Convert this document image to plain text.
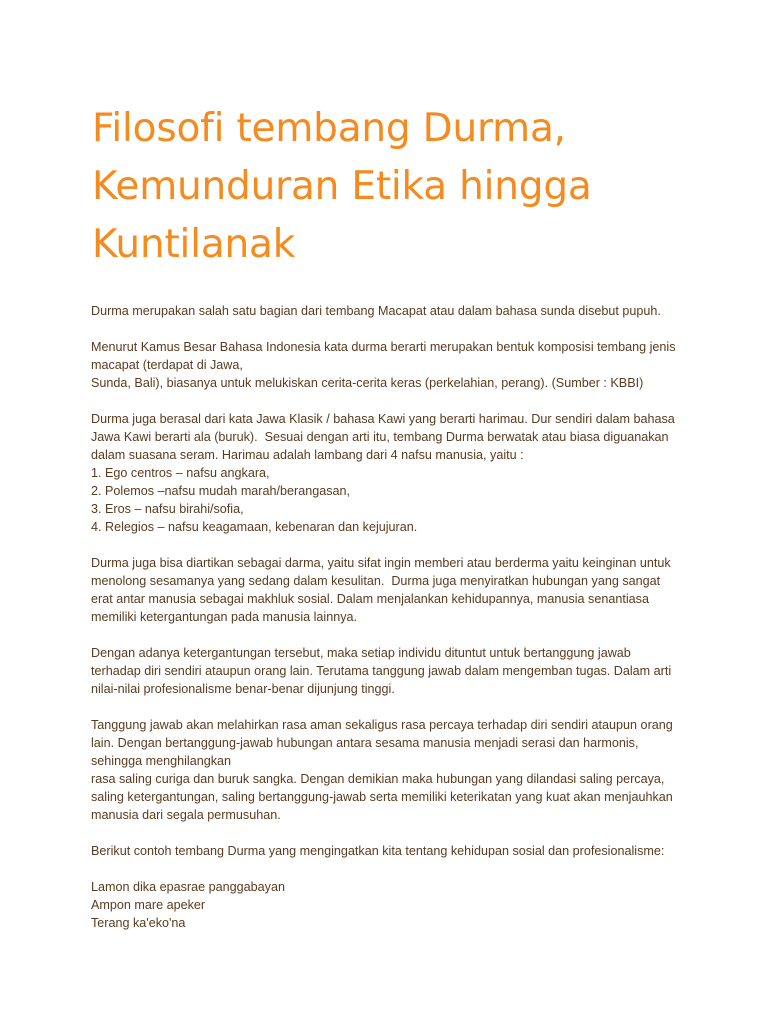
Filosofi tembang Durma,
Kemunduran Etika hingga
Kuntilanak
Durma merupakan salah satu bagian dari tembang Macapat atau dalam bahasa sunda disebut pupuh.
Menurut Kamus Besar Bahasa Indonesia kata durma berarti merupakan bentuk komposisi tembang jenis
macapat (terdapat di Jawa,
Sunda, Bali), biasanya untuk melukiskan cerita-cerita keras (perkelahian, perang). (Sumber : KBBI)
Durma juga berasal dari kata Jawa Klasik / bahasa Kawi yang berarti harimau. Dur sendiri dalam bahasa
Jawa Kawi berarti ala (buruk).  Sesuai dengan arti itu, tembang Durma berwatak atau biasa diguanakan
dalam suasana seram. Harimau adalah lambang dari 4 nafsu manusia, yaitu :
1. Ego centros – nafsu angkara,
2. Polemos –nafsu mudah marah/berangasan,
3. Eros – nafsu birahi/sofia,
4. Relegios – nafsu keagamaan, kebenaran dan kejujuran.
Durma juga bisa diartikan sebagai darma, yaitu sifat ingin memberi atau berderma yaitu keinginan untuk
menolong sesamanya yang sedang dalam kesulitan.  Durma juga menyiratkan hubungan yang sangat
erat antar manusia sebagai makhluk sosial. Dalam menjalankan kehidupannya, manusia senantiasa
memiliki ketergantungan pada manusia lainnya.
Dengan adanya ketergantungan tersebut, maka setiap individu dituntut untuk bertanggung jawab
terhadap diri sendiri ataupun orang lain. Terutama tanggung jawab dalam mengemban tugas. Dalam arti
nilai-nilai profesionalisme benar-benar dijunjung tinggi.
Tanggung jawab akan melahirkan rasa aman sekaligus rasa percaya terhadap diri sendiri ataupun orang
lain. Dengan bertanggung-jawab hubungan antara sesama manusia menjadi serasi dan harmonis,
sehingga menghilangkan
rasa saling curiga dan buruk sangka. Dengan demikian maka hubungan yang dilandasi saling percaya,
saling ketergantungan, saling bertanggung-jawab serta memiliki keterikatan yang kuat akan menjauhkan
manusia dari segala permusuhan.
Berikut contoh tembang Durma yang mengingatkan kita tentang kehidupan sosial dan profesionalisme:
Lamon dika epasrae panggabayan
Ampon mare apeker
Terang ka'eko'na
